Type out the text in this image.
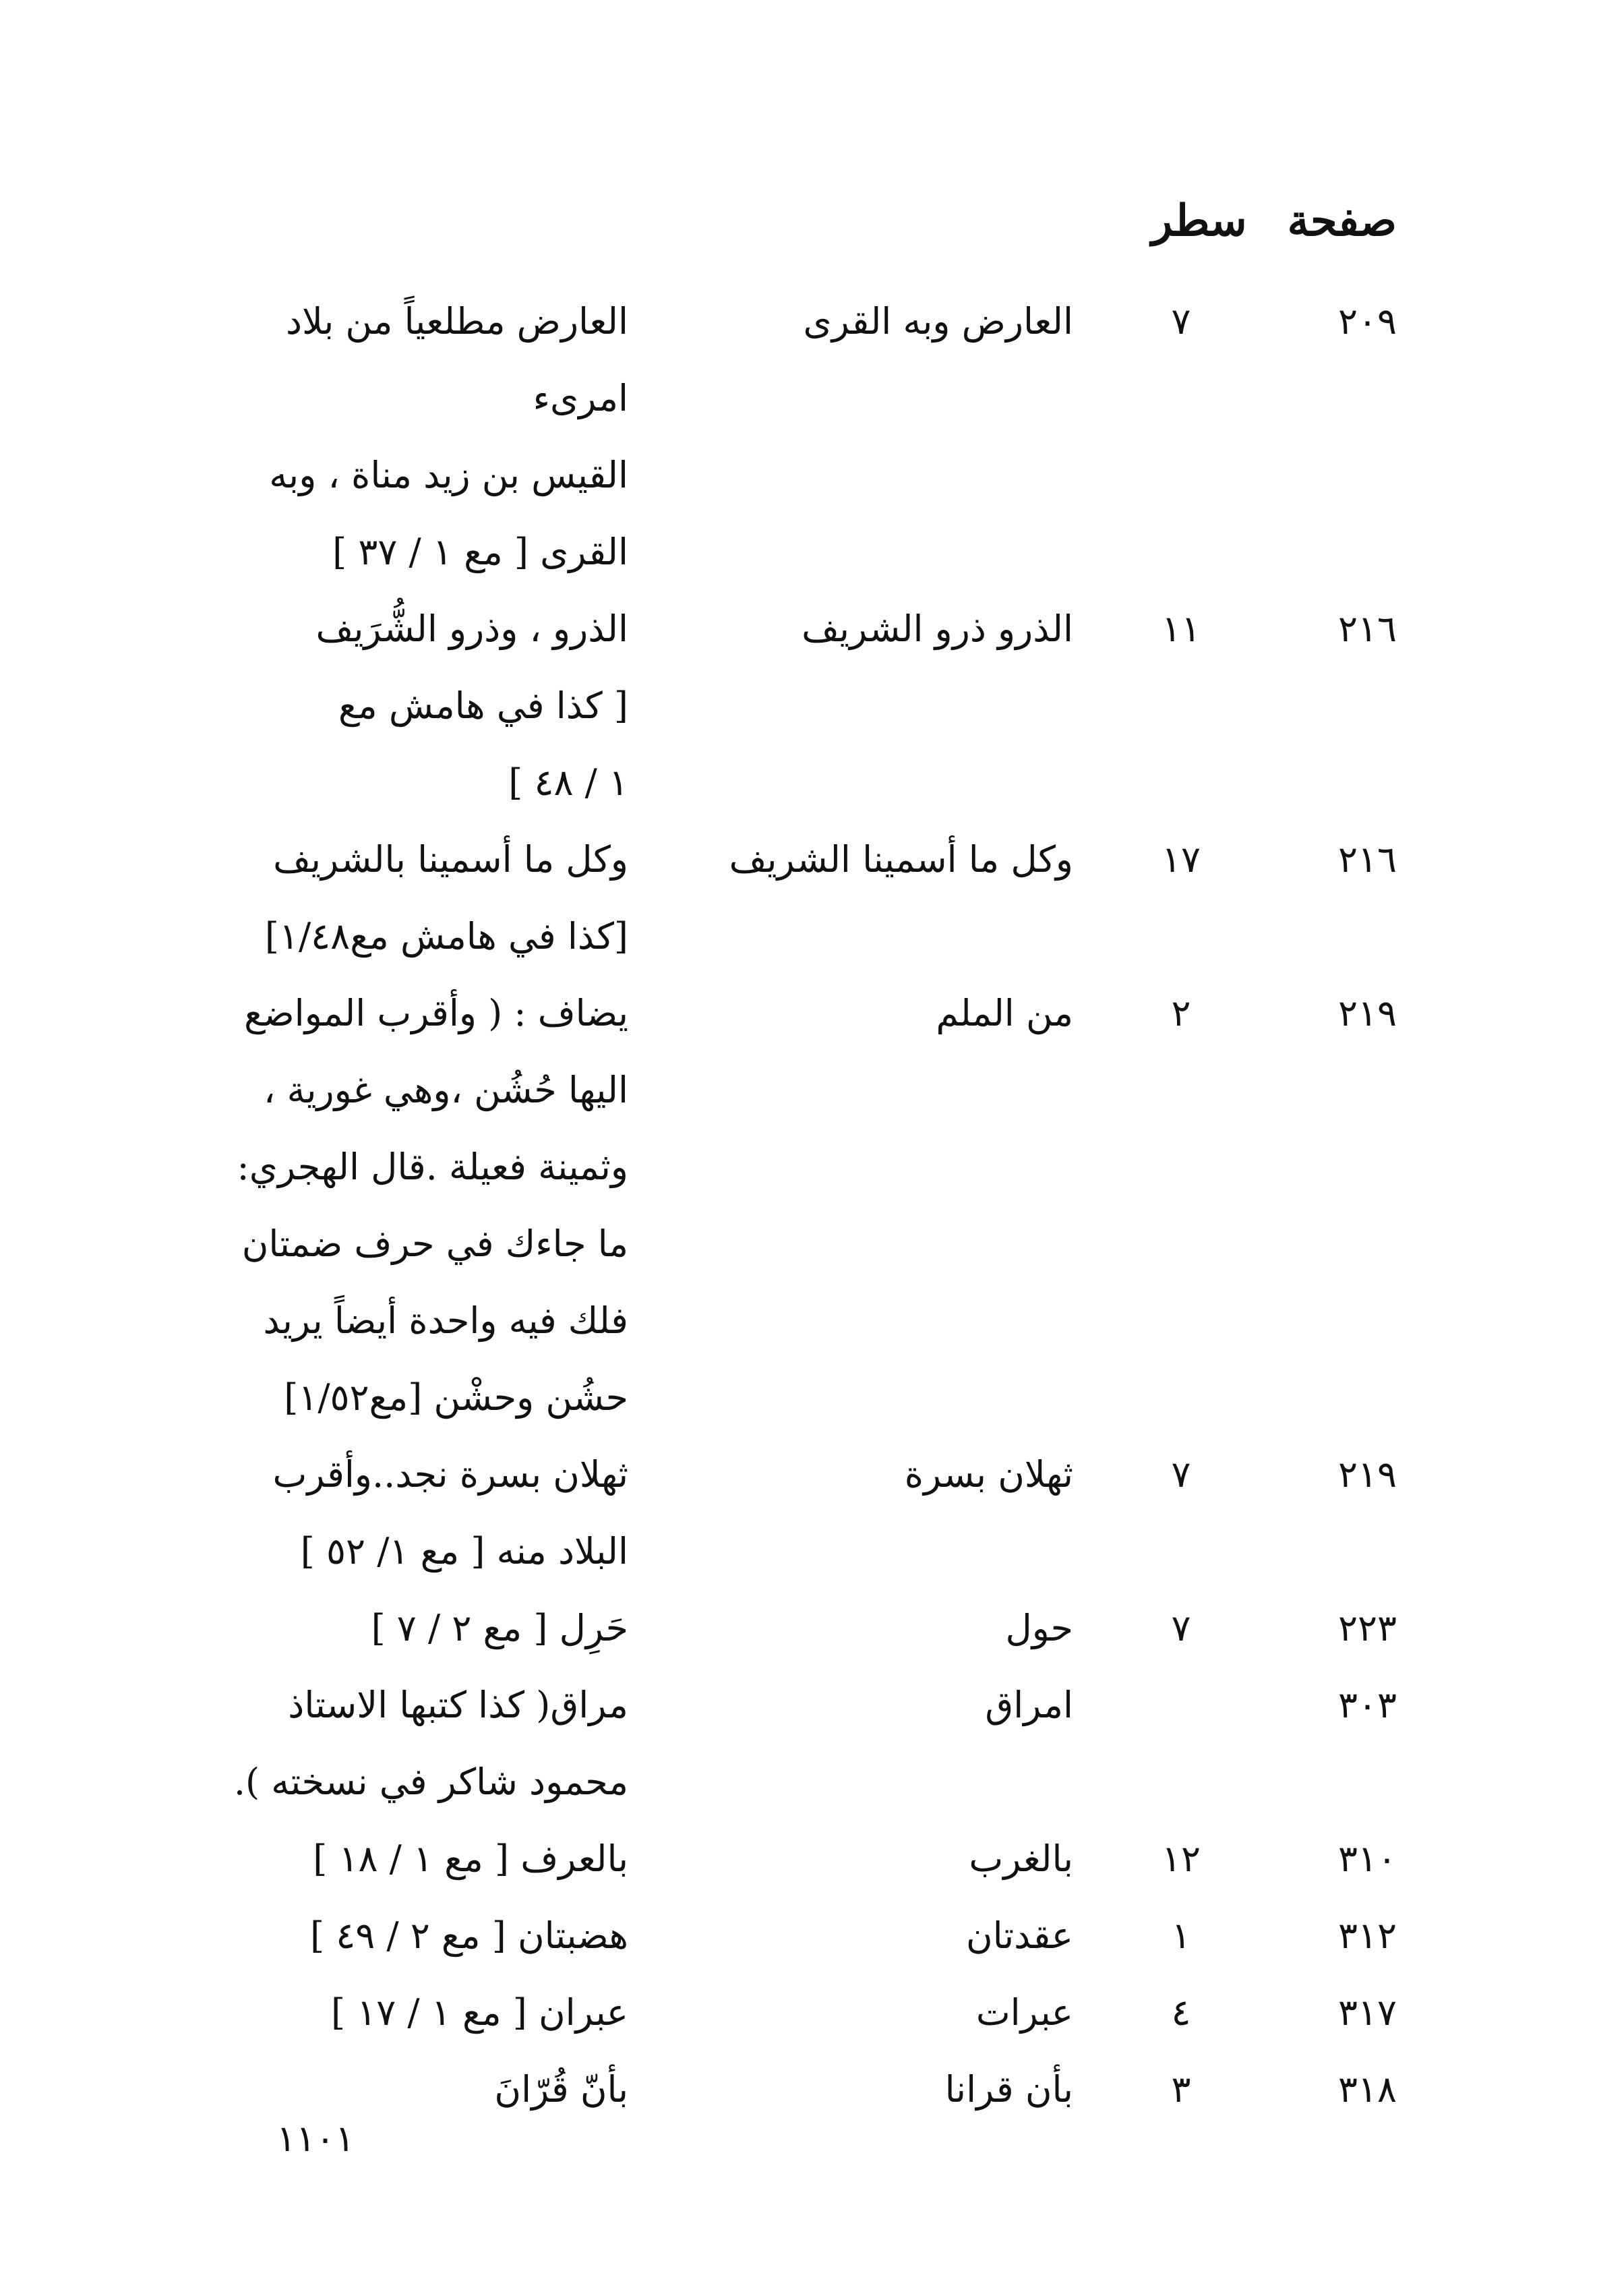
صفحة
سطر
٢٠٩
٧
العارض وبه القرى
العارض مطلعياً من بلاد امرىء
القيس بن زيد مناة ، وبه
القرى [ مع ١ / ٣٧ ]
٢١٦
١١
الذرو ذرو الشريف
الذرو ، وذرو الشُّرَيف
[ كذا في هامش مع
١ / ٤٨ ]
٢١٦
١٧
وكل ما أسمينا الشريف
وكل ما أسمينا بالشريف
[كذا في هامش مع١/٤٨]
٢١٩
٢
من الملم
يضاف : ( وأقرب المواضع
اليها حُشُن ،وهي غورية ،
وثمينة فعيلة .قال الهجري:
ما جاءك في حرف ضمتان
فلك فيه واحدة أيضاً يريد
حشُن وحشْن [مع١/٥٢]
٢١٩
٧
ثهلان بسرة
ثهلان بسرة نجد..وأقرب
البلاد منه [ مع ١/ ٥٢ ]
٢٢٣
٧
حول
حَرِل [ مع ٢ / ٧ ]
٣٠٣
امراق
مراق( كذا كتبها الاستاذ
محمود شاكر في نسخته ).
٣١٠
١٢
بالغرب
بالعرف [ مع ١ / ١٨ ]
٣١٢
١
عقدتان
هضبتان [ مع ٢ / ٤٩ ]
٣١٧
٤
عبرات
عبران [ مع ١ / ١٧ ]
٣١٨
٣
بأن قرانا
بأنّ قُرّانَ
١١٠١
